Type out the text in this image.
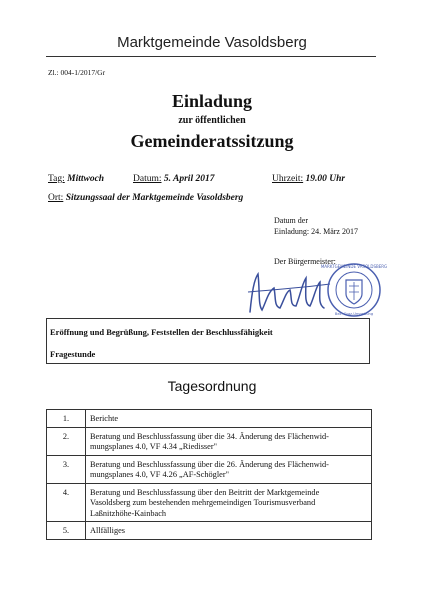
Marktgemeinde Vasoldsberg
Zl.: 004-1/2017/Gr
Einladung
zur öffentlichen
Gemeinderatssitzung
Tag: Mittwoch	Datum: 5. April 2017	Uhrzeit: 19.00 Uhr
Ort: Sitzungssaal der Marktgemeinde Vasoldsberg
Datum der
Einladung: 24. März 2017
Der Bürgermeister:
MARKTGEMEINDE VASOLDSBERG
Bez. Graz-Umgebung
Eröffnung und Begrüßung, Feststellen der Beschlussfähigkeit
Fragestunde
Tagesordnung
1.	Berichte

2.	Beratung und Beschlussfassung über die 34. Änderung des Flächenwid-
mungsplanes 4.0, VF 4.34 „Riedisser"

3.	Beratung und Beschlussfassung über die 26. Änderung des Flächenwid-
mungsplanes 4.0, VF 4.26 „AF-Schögler"

4.	Beratung und Beschlussfassung über den Beitritt der Marktgemeinde
Vasoldsberg zum bestehenden mehrgemeindigen Tourismusverband
Laßnitzhöhe-Kainbach

5.	Allfälliges
